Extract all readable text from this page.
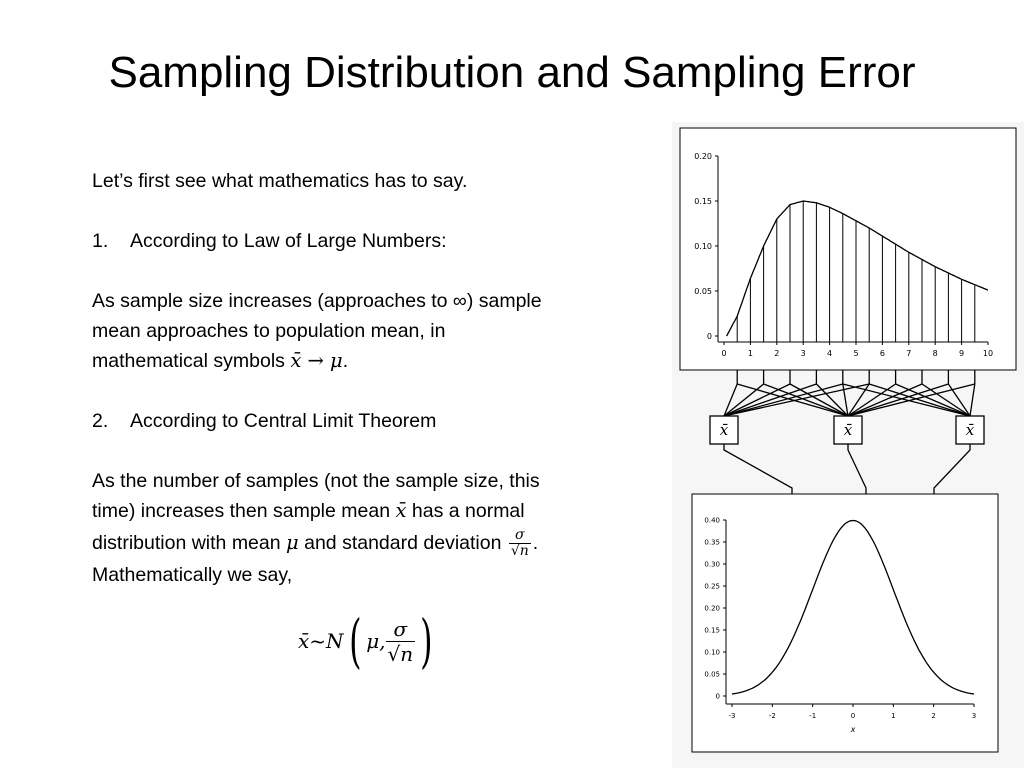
Sampling Distribution and Sampling Error

Let’s first see what mathematics has to say.

1. According to Law of Large Numbers:

As sample size increases (approaches to ∞) sample

mean approaches to population mean, in

mathematical symbols x̄ → μ.

2. According to Central Limit Theorem

As the number of samples (not the sample size, this

time) increases then sample mean x̄ has a normal

distribution with mean μ and standard deviation $\frac{\sigma}{√n}$ .

Mathematically we say,

x̄~N ( μ, $\frac{\sigma}{√n}$ )
0	1	2	3	4	5	6	7	8	9 10
0
0.05
0.10
0.15
0.20
x̄	x̄	x̄
-3	-2	-1	0	1	2	3
0
0.05
0.10
0.15
0.20
0.25
0.30
0.35
0.40
x
